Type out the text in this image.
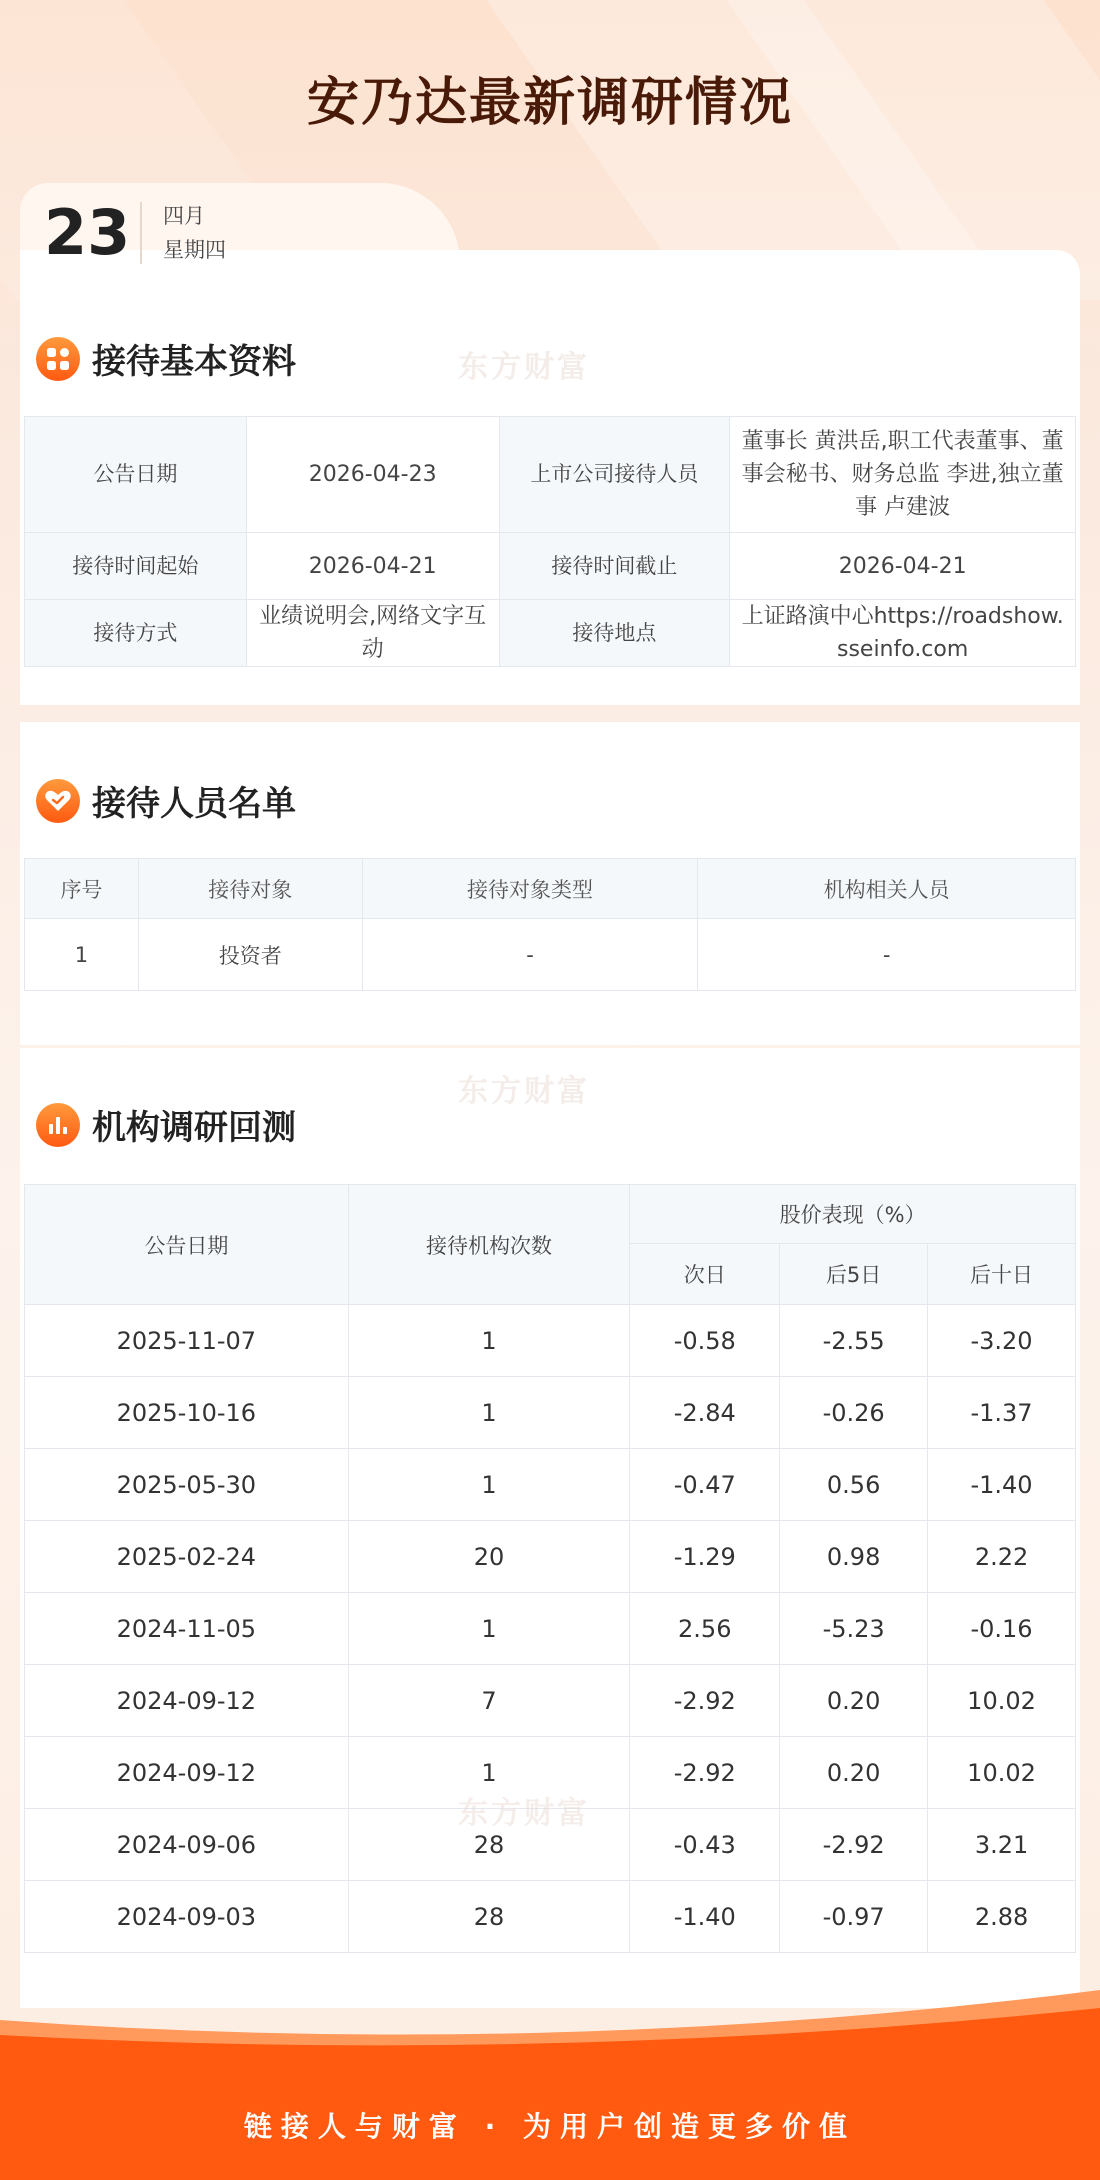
安乃达最新调研情况
接待基本资料	东方财富
公告日期	2026-04-23	上市公司接待人员	董事长 黄洪岳,职工代表董事、董事会秘书、财务总监 李进,独立董事 卢建波
接待时间起始	2026-04-21	接待时间截止	2026-04-21
接待方式	业绩说明会,网络文字互动	接待地点	上证路演中心https://roadshow.sseinfo.com
接待人员名单
序号	接待对象	接待对象类型	机构相关人员
1	投资者	-	-
东方财富
机构调研回测
公告日期	接待机构次数	股价表现（%）		
		次日	后5日	后十日
2025-11-07	1	-0.58	-2.55	-3.20
2025-10-16	1	-2.84	-0.26	-1.37
2025-05-30	1	-0.47	0.56	-1.40
2025-02-24	20	-1.29	0.98	2.22
2024-11-05	1	2.56	-5.23	-0.16
2024-09-12	7	-2.92	0.20	10.02
2024-09-12	1	-2.92	0.20	10.02
2024-09-06	28	-0.43	-2.92	3.21
2024-09-03	28	-1.40	-0.97	2.88
东方财富
23 四月
星期四
链接人与财富 · 为用户创造更多价值
